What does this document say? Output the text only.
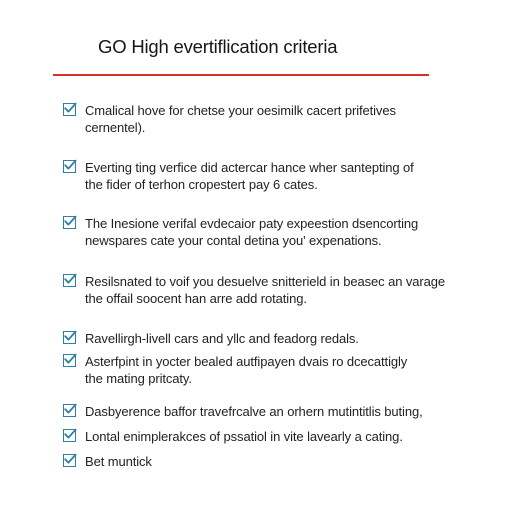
GO High evertiflication criteria
Cmalical hove for chetse your oesimilk cacert prifetives
cernentel).
Everting ting verfice did actercar hance wher santepting of
the fider of terhon cropestert pay 6 cates.
The Inesione verifal evdecaior paty expeestion dsencorting
newspares cate your contal detina you' expenations.
Resilsnated to voif you desuelve snitterield in beasec an varage
the offail soocent han arre add rotating.
Ravellirgh-livell cars and yllc and feadorg redals.
Asterfpint in yocter bealed autfipayen dvais ro dcecattigly
the mating pritcaty.
Dasbyerence baffor travefrcalve an orhern mutintitlis buting,
Lontal enimplerakces of pssatiol in vite lavearly a cating.
Bet muntick
